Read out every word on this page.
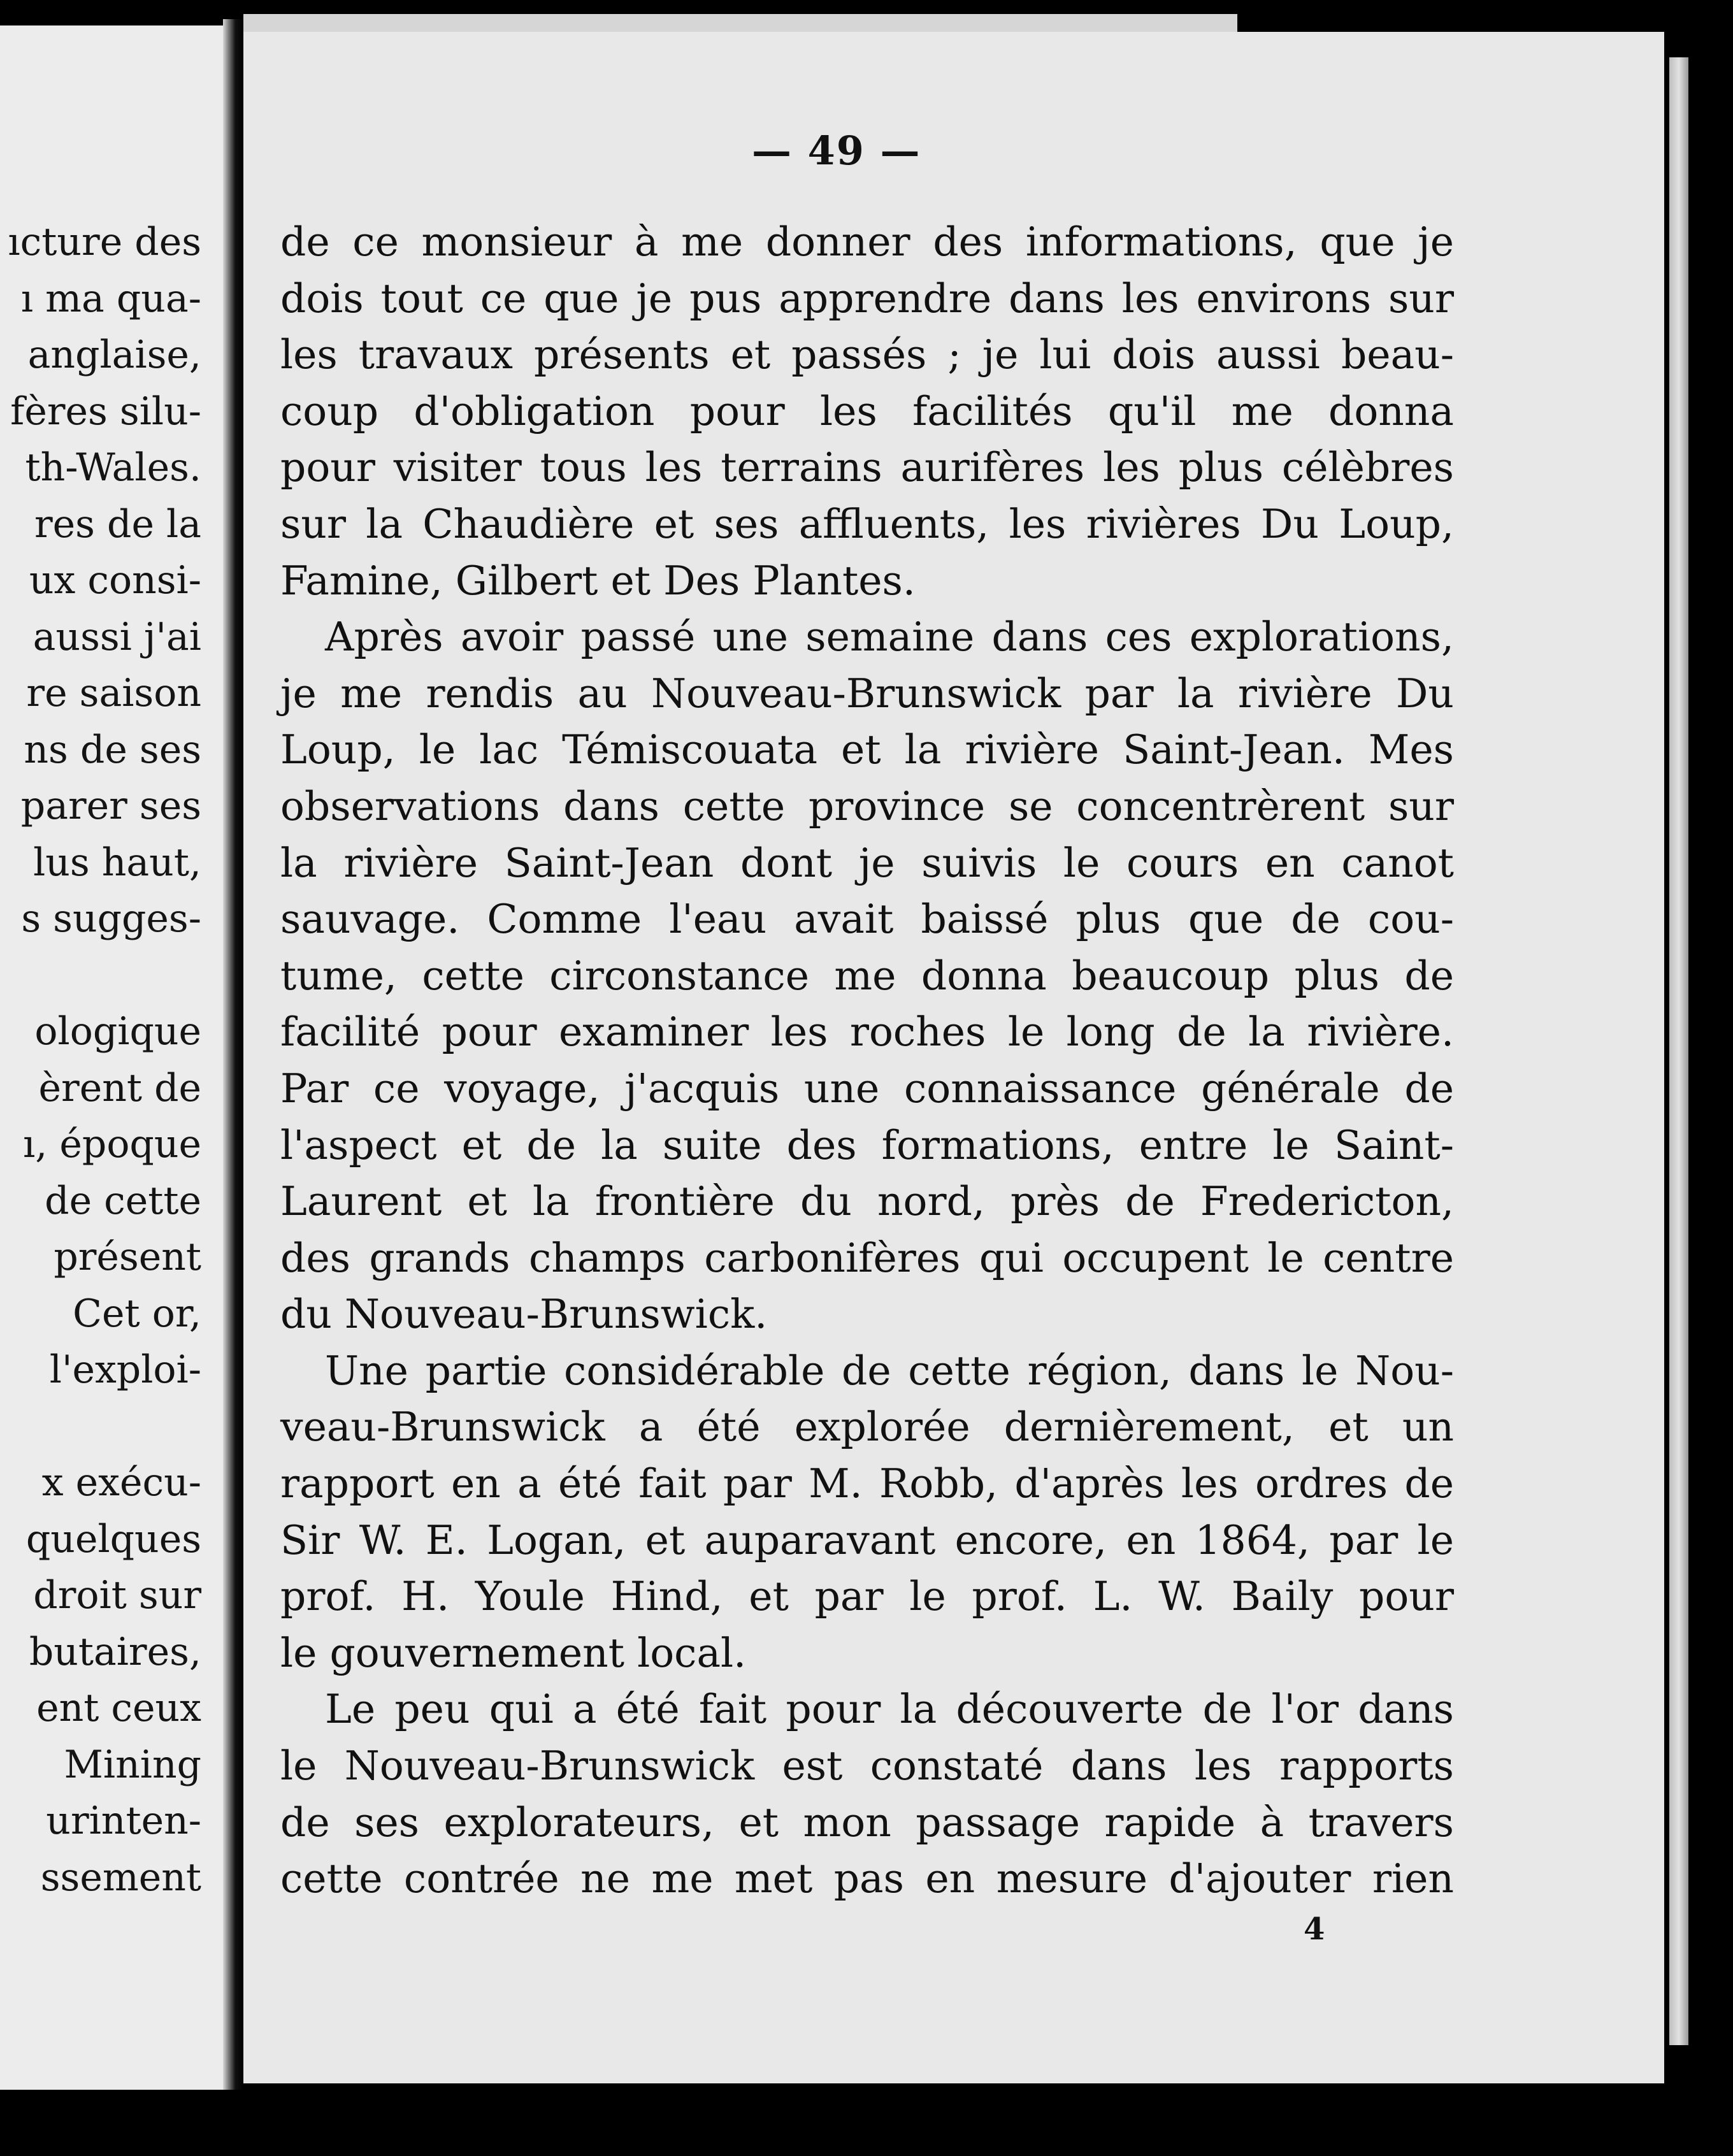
ıcture des
ı ma qua-
anglaise,
fères silu-
th-Wales.
res de la
ux consi-
aussi j'ai
re saison
ns de ses
parer ses
lus haut,
s sugges-
ologique
èrent de
ı, époque
de cette
présent
Cet or,
l'exploi-
x exécu-
quelques
droit sur
butaires,
ent ceux
Mining
urinten-
ssement
— 49 —
de ce monsieur à me donner des informations, que je
dois tout ce que je pus apprendre dans les environs sur
les travaux présents et passés ; je lui dois aussi beau-
coup d'obligation pour les facilités qu'il me donna
pour visiter tous les terrains aurifères les plus célèbres
sur la Chaudière et ses affluents, les rivières Du Loup,
Famine, Gilbert et Des Plantes.
Après avoir passé une semaine dans ces explorations,
je me rendis au Nouveau-Brunswick par la rivière Du
Loup, le lac Témiscouata et la rivière Saint-Jean. Mes
observations dans cette province se concentrèrent sur
la rivière Saint-Jean dont je suivis le cours en canot
sauvage. Comme l'eau avait baissé plus que de cou-
tume, cette circonstance me donna beaucoup plus de
facilité pour examiner les roches le long de la rivière.
Par ce voyage, j'acquis une connaissance générale de
l'aspect et de la suite des formations, entre le Saint-
Laurent et la frontière du nord, près de Fredericton,
des grands champs carbonifères qui occupent le centre
du Nouveau-Brunswick.
Une partie considérable de cette région, dans le Nou-
veau-Brunswick a été explorée dernièrement, et un
rapport en a été fait par M. Robb, d'après les ordres de
Sir W. E. Logan, et auparavant encore, en 1864, par le
prof. H. Youle Hind, et par le prof. L. W. Baily pour
le gouvernement local.
Le peu qui a été fait pour la découverte de l'or dans
le Nouveau-Brunswick est constaté dans les rapports
de ses explorateurs, et mon passage rapide à travers
cette contrée ne me met pas en mesure d'ajouter rien
4
